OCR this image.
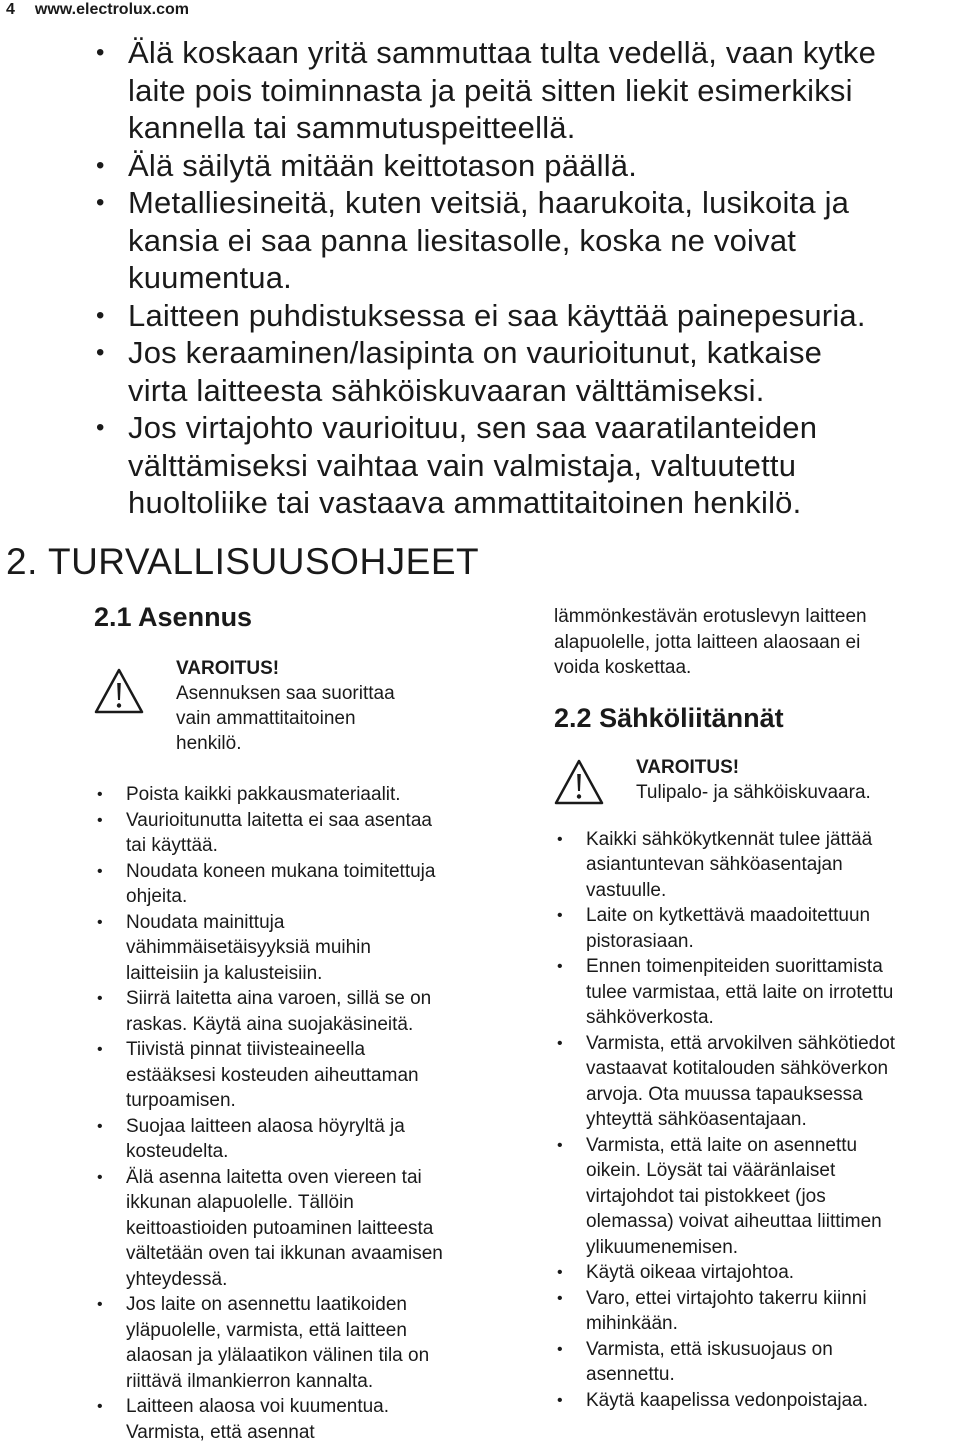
4 www.electrolux.com
• Älä koskaan yritä sammuttaa tulta vedellä, vaan kytke
laite pois toiminnasta ja peitä sitten liekit esimerkiksi
kannella tai sammutuspeitteellä.
• Älä säilytä mitään keittotason päällä.
• Metalliesineitä, kuten veitsiä, haarukoita, lusikoita ja
kansia ei saa panna liesitasolle, koska ne voivat
kuumentua.
• Laitteen puhdistuksessa ei saa käyttää painepesuria.
• Jos keraaminen/lasipinta on vaurioitunut, katkaise
virta laitteesta sähköiskuvaaran välttämiseksi.
• Jos virtajohto vaurioituu, sen saa vaaratilanteiden
välttämiseksi vaihtaa vain valmistaja, valtuutettu
huoltoliike tai vastaava ammattitaitoinen henkilö.
2. TURVALLISUUSOHJEET
2.1 Asennus
VAROITUS!
Asennuksen saa suorittaa
vain ammattitaitoinen
henkilö.
• Poista kaikki pakkausmateriaalit.
• Vaurioitunutta laitetta ei saa asentaa
tai käyttää.
• Noudata koneen mukana toimitettuja
ohjeita.
• Noudata mainittuja
vähimmäisetäisyyksiä muihin
laitteisiin ja kalusteisiin.
• Siirrä laitetta aina varoen, sillä se on
raskas. Käytä aina suojakäsineitä.
• Tiivistä pinnat tiivisteaineella
estääksesi kosteuden aiheuttaman
turpoamisen.
• Suojaa laitteen alaosa höyryltä ja
kosteudelta.
• Älä asenna laitetta oven viereen tai
ikkunan alapuolelle. Tällöin
keittoastioiden putoaminen laitteesta
vältetään oven tai ikkunan avaamisen
yhteydessä.
• Jos laite on asennettu laatikoiden
yläpuolelle, varmista, että laitteen
alaosan ja ylälaatikon välinen tila on
riittävä ilmankierron kannalta.
• Laitteen alaosa voi kuumentua.
Varmista, että asennat

lämmönkestävän erotuslevyn laitteen
alapuolelle, jotta laitteen alaosaan ei
voida koskettaa.

2.2 Sähköliitännät
VAROITUS!
Tulipalo- ja sähköiskuvaara.
• Kaikki sähkökytkennät tulee jättää
asiantuntevan sähköasentajan
vastuulle.
• Laite on kytkettävä maadoitettuun
pistorasiaan.
• Ennen toimenpiteiden suorittamista
tulee varmistaa, että laite on irrotettu
sähköverkosta.
• Varmista, että arvokilven sähkötiedot
vastaavat kotitalouden sähköverkon
arvoja. Ota muussa tapauksessa
yhteyttä sähköasentajaan.
• Varmista, että laite on asennettu
oikein. Löysät tai vääränlaiset
virtajohdot tai pistokkeet (jos
olemassa) voivat aiheuttaa liittimen
ylikuumenemisen.
• Käytä oikeaa virtajohtoa.
• Varo, ettei virtajohto takerru kiinni
mihinkään.
• Varmista, että iskusuojaus on
asennettu.
• Käytä kaapelissa vedonpoistajaa.
